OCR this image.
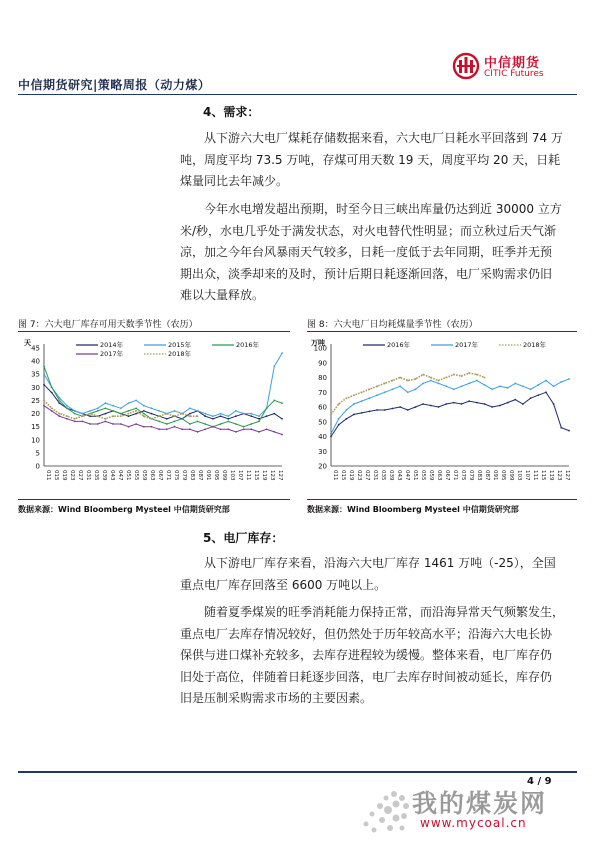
中信期货
CITIC Futures
中信期货研究|策略周报（动力煤）
4、需求：
从下游六大电厂煤耗存储数据来看，六大电厂日耗水平回落到 74 万
吨，周度平均 73.5 万吨，存煤可用天数 19 天，周度平均 20 天，日耗
煤量同比去年减少。
今年水电增发超出预期，时至今日三峡出库量仍达到近 30000 立方
米/秒，水电几乎处于满发状态，对火电替代性明显；而立秋过后天气渐
凉，加之今年台风暴雨天气较多，日耗一度低于去年同期，旺季并无预
期出众，淡季却来的及时，预计后期日耗逐渐回落，电厂采购需求仍旧
难以大量释放。
图 7：六大电厂库存可用天数季节性（农历）	图 8：六大电厂日均耗煤量季节性（农历）
天
0
5
10
15
20
25
30
35
40
45
011 015 019 023 027 031 035 039 043 047 051 055 059 063 067 071 075 079 083 087 091 095 099 103 107 111 115 119 123 127
2014年	2015年	2016年
2017年	2018年
万吨
20
30
40
50
60
70
80
90
100
011 015 019 023 027 031 035 039 043 047 051 055 059 063 067 071 075 079 083 087 091 095 099 103 107 111 115 119 123 127
2016年	2017年	2018年
数据来源：Wind Bloomberg Mysteel 中信期货研究部	数据来源：Wind Bloomberg Mysteel 中信期货研究部
5、电厂库存：
从下游电厂库存来看，沿海六大电厂库存 1461 万吨（-25），全国
重点电厂库存回落至 6600 万吨以上。
随着夏季煤炭的旺季消耗能力保持正常，而沿海异常天气频繁发生，
重点电厂去库存情况较好，但仍然处于历年较高水平；沿海六大电长协
保供与进口煤补充较多，去库存进程较为缓慢。整体来看，电厂库存仍
旧处于高位，伴随着日耗逐步回落，电厂去库存时间被动延长，库存仍
旧是压制采购需求市场的主要因素。
4 / 9
我的煤炭网
www.mycoal.cn
